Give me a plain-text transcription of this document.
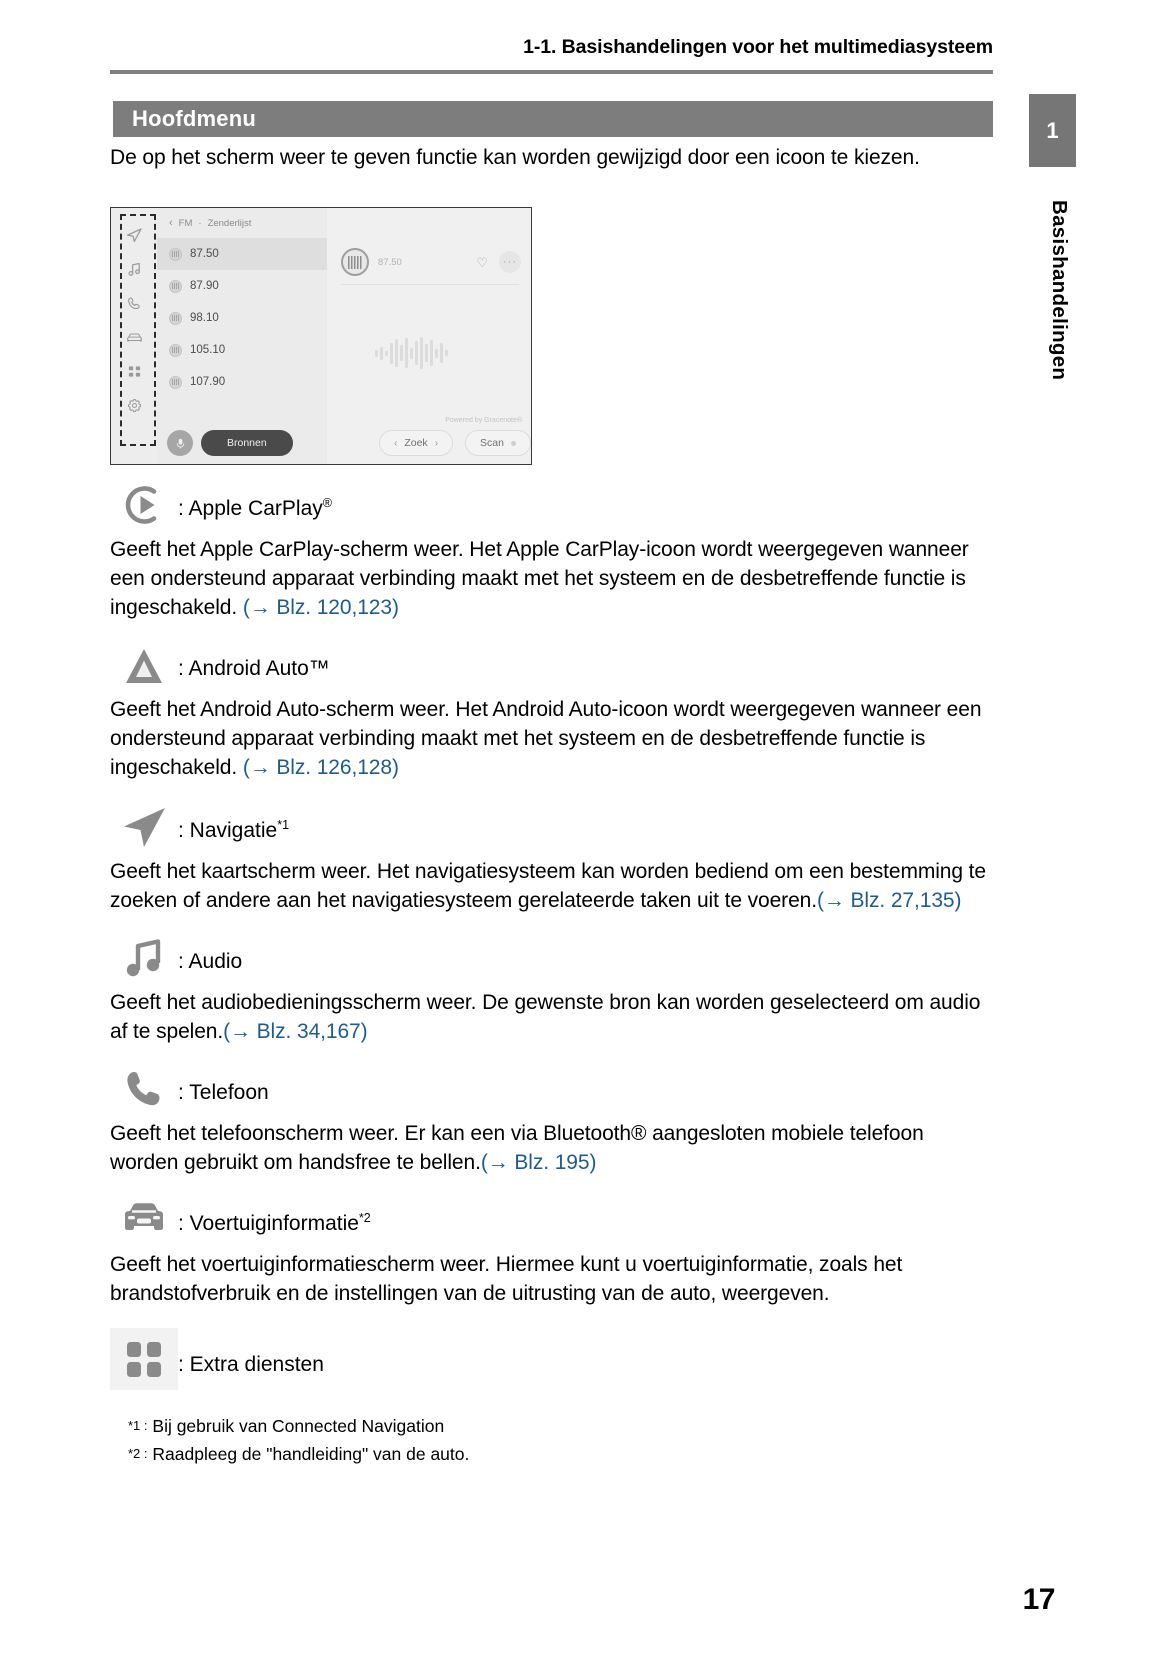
1-1. Basishandelingen voor het multimediasysteem
1
Basishandelingen
Hoofdmenu

De op het scherm weer te geven functie kan worden gewijzigd door een icoon te kiezen.

‹ FM · Zenderlijst
87.50
87.90
98.10
105.10
107.90
87.50	♡	···
Powered by Gracenote®
Bronnen	‹ Zoek ›	Scan
: Apple CarPlay®
Geeft het Apple CarPlay-scherm weer. Het Apple CarPlay-icoon wordt weergegeven wanneer een ondersteund apparaat verbinding maakt met het systeem en de desbetreffende functie is ingeschakeld. (→ Blz. 120,123)
: Android Auto™
Geeft het Android Auto-scherm weer. Het Android Auto-icoon wordt weergegeven wanneer een ondersteund apparaat verbinding maakt met het systeem en de desbetreffende functie is ingeschakeld. (→ Blz. 126,128)
: Navigatie$^{*1}$
Geeft het kaartscherm weer. Het navigatiesysteem kan worden bediend om een bestemming te zoeken of andere aan het navigatiesysteem gerelateerde taken uit te voeren.(→ Blz. 27,135)
: Audio
Geeft het audiobedieningsscherm weer. De gewenste bron kan worden geselecteerd om audio af te spelen.(→ Blz. 34,167)
: Telefoon
Geeft het telefoonscherm weer. Er kan een via Bluetooth® aangesloten mobiele telefoon worden gebruikt om handsfree te bellen.(→ Blz. 195)
: Voertuiginformatie$^{*2}$
Geeft het voertuiginformatiescherm weer. Hiermee kunt u voertuiginformatie, zoals het brandstofverbruik en de instellingen van de uitrusting van de auto, weergeven.
: Extra diensten
*1 : Bij gebruik van Connected Navigation
*2 : Raadpleeg de "handleiding" van de auto.
17
